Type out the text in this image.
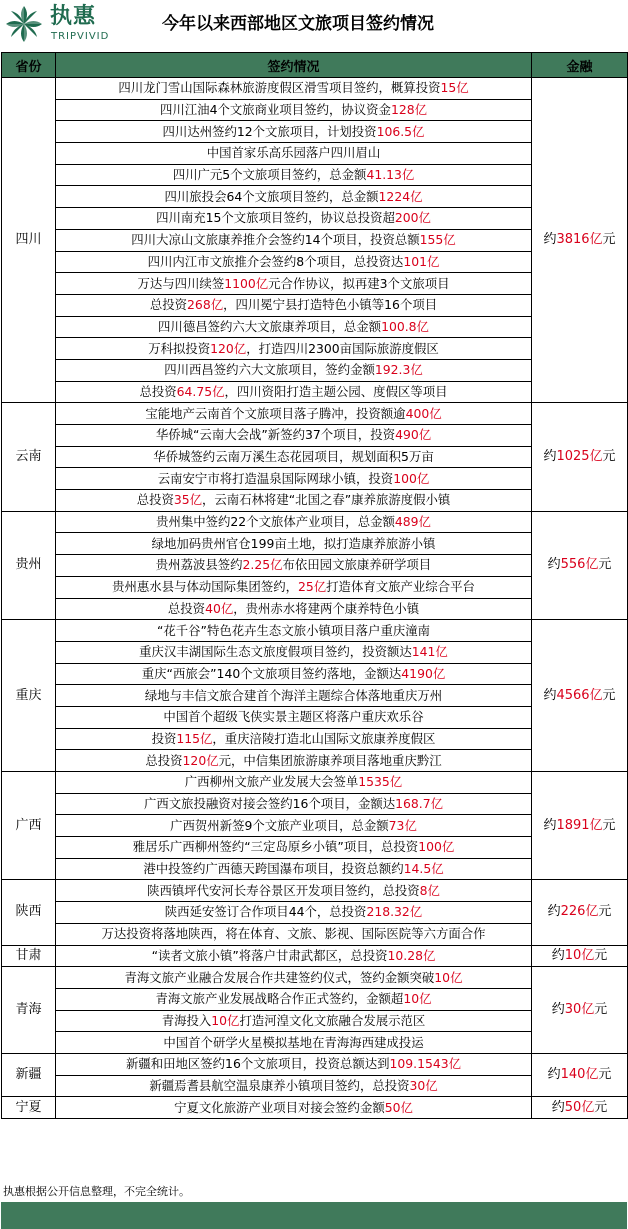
执惠
TRIPVIVID
今年以来西部地区文旅项目签约情况
省份	签约情况	金融
四川	四川龙门雪山国际森林旅游度假区滑雪项目签约，概算投资15亿	约3816亿元
	四川江油4个文旅商业项目签约，协议资金128亿	
	四川达州签约12个文旅项目，计划投资106.5亿	
	中国首家乐高乐园落户四川眉山	
	四川广元5个文旅项目签约，总金额41.13亿	
	四川旅投会64个文旅项目签约，总金额1224亿	
	四川南充15个文旅项目签约，协议总投资超200亿	
	四川大凉山文旅康养推介会签约14个项目，投资总额155亿	
	四川内江市文旅推介会签约8个项目，总投资达101亿	
	万达与四川续签1100亿元合作协议，拟再建3个文旅项目	
	总投资268亿，四川冕宁县打造特色小镇等16个项目	
	四川德昌签约六大文旅康养项目，总金额100.8亿	
	万科拟投资120亿，打造四川2300亩国际旅游度假区	
	四川西昌签约六大文旅项目，签约金额192.3亿	
	总投资64.75亿，四川资阳打造主题公园、度假区等项目	
云南	宝能地产云南首个文旅项目落子腾冲，投资额逾400亿	约1025亿元
	华侨城“云南大会战”新签约37个项目，投资490亿	
	华侨城签约云南万溪生态花园项目，规划面积5万亩	
	云南安宁市将打造温泉国际网球小镇，投资100亿	
	总投资35亿，云南石林将建“北国之春”康养旅游度假小镇	
贵州	贵州集中签约22个文旅体产业项目，总金额489亿	约556亿元
	绿地加码贵州官仓199亩土地，拟打造康养旅游小镇	
	贵州荔波县签约2.25亿布依田园文旅康养研学项目	
	贵州惠水县与体动国际集团签约，25亿打造体育文旅产业综合平台	
	总投资40亿，贵州赤水将建两个康养特色小镇	
重庆	“花千谷”特色花卉生态文旅小镇项目落户重庆潼南	约4566亿元
	重庆汉丰湖国际生态文旅度假项目签约，投资额达141亿	
	重庆“西旅会”140个文旅项目签约落地，金额达4190亿	
	绿地与丰信文旅合建首个海洋主题综合体落地重庆万州	
	中国首个超级飞侠实景主题区将落户重庆欢乐谷	
	投资115亿，重庆涪陵打造北山国际文旅康养度假区	
	总投资120亿元，中信集团旅游康养项目落地重庆黔江	
广西	广西柳州文旅产业发展大会签单1535亿	约1891亿元
	广西文旅投融资对接会签约16个项目，金额达168.7亿	
	广西贺州新签9个文旅产业项目，总金额73亿	
	雅居乐广西柳州签约“三定岛原乡小镇”项目，总投资100亿	
	港中投签约广西德天跨国瀑布项目，投资总额约14.5亿	
陕西	陕西镇坪代安河长寿谷景区开发项目签约，总投资8亿	约226亿元
	陕西延安签订合作项目44个，总投资218.32亿	
	万达投资将落地陕西，将在体育、文旅、影视、国际医院等六方面合作	
甘肃	“读者文旅小镇”将落户甘肃武都区，总投资10.28亿	约10亿元
青海	青海文旅产业融合发展合作共建签约仪式，签约金额突破10亿	约30亿元
	青海文旅产业发展战略合作正式签约，金额超10亿	
	青海投入10亿打造河湟文化文旅融合发展示范区	
	中国首个研学火星模拟基地在青海海西建成投运	
新疆	新疆和田地区签约16个文旅项目，投资总额达到109.1543亿	约140亿元
	新疆焉耆县航空温泉康养小镇项目签约，总投资30亿	
宁夏	宁夏文化旅游产业项目对接会签约金额50亿	约50亿元
执惠根据公开信息整理，不完全统计。
